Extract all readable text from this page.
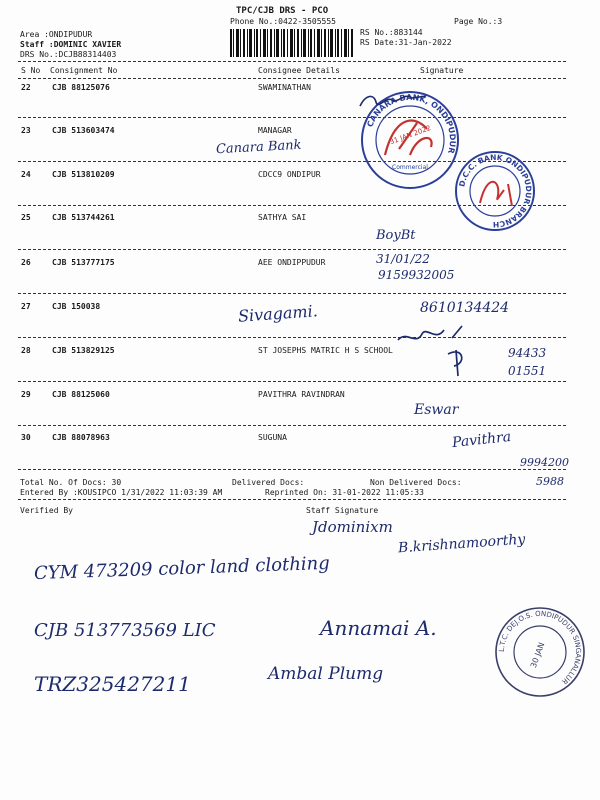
TPC/CJB DRS - PCO
Phone No.:0422-3505555	Page No.:3
RS No.:883144
RS Date:31-Jan-2022
Area :ONDIPUDUR
Staff :DOMINIC XAVIER
DRS No.:DCJB88314403
S No Consignment No	Consignee Details	Signature
22	CJB 88125076	SWAMINATHAN
23	CJB 513603474	MANAGAR
24	CJB 513810209	CDCC9 ONDIPUR
25	CJB 513744261	SATHYA SAI
26	CJB 513777175	AEE ONDIPPUDUR
27	CJB 150038
28	CJB 513829125	ST JOSEPHS MATRIC H S SCHOOL
29	CJB 88125060	PAVITHRA RAVINDRAN
30	CJB 88078963	SUGUNA
Total No. Of Docs: 30	Delivered Docs:	Non Delivered Docs:
Entered By :KOUSIPCO 1/31/2022 11:03:39 AM	Reprinted On: 31-01-2022 11:05:33
Verified By	Staff Signature
CANARA BANK, ONDIPUDUR
Commercial
31 JAN 2022
D.C.C. BANK ONDIPUDUR BRANCH
L.T.C. DEJ.O.S. ONDIPUDUR SINGANALLUR
30 JAN
Canara Bank
BoyBt
31/01/22
9159932005
Sivagami.	8610134424
94433
01551
Eswar
Pavithra
9994200
5988
Jdominixm
B.krishnamoorthy
CYM 473209 color land clothing
CJB 513773569 LIC	Annamai A.
TRZ325427211	Ambal Plumg
